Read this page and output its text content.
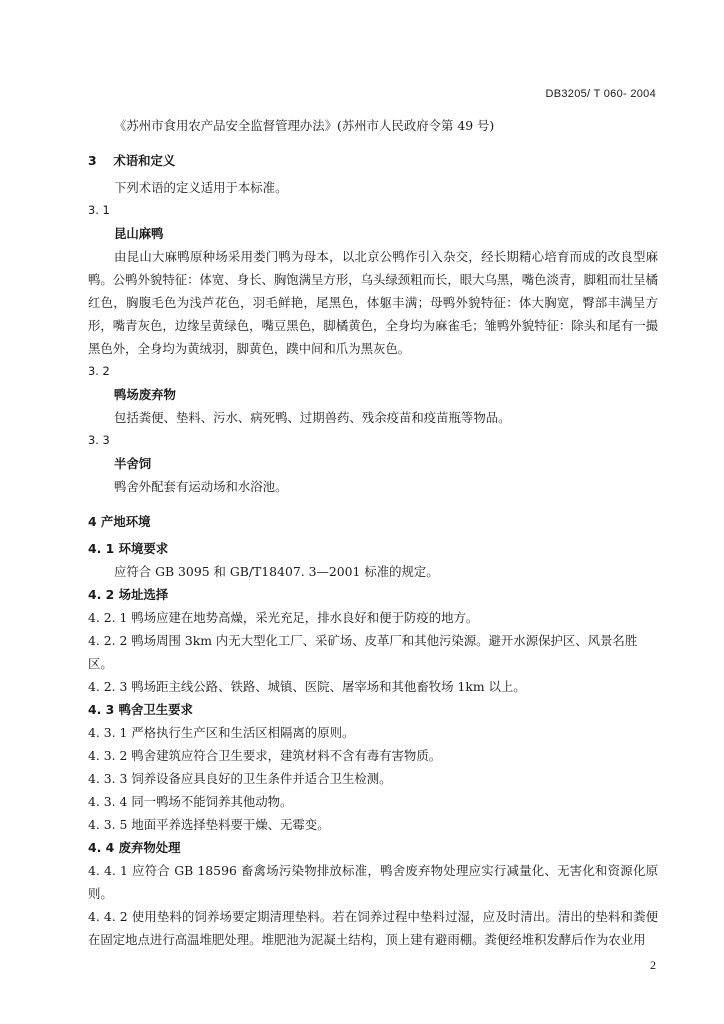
DB3205/ T 060- 2004

《苏州市食用农产品安全监督管理办法》(苏州市人民政府令第 49 号)

3　 术语和定义

下列术语的定义适用于本标准。

3. 1

昆山麻鸭

由昆山大麻鸭原种场采用娄门鸭为母本，以北京公鸭作引入杂交，经长期精心培育而成的改良型麻鸭。公鸭外貌特征：体宽、身长、胸饱满呈方形，乌头绿颈粗而长，眼大乌黑，嘴色淡青，脚粗而壮呈橘红色，胸腹毛色为浅芦花色，羽毛鲜艳，尾黑色，体躯丰满；母鸭外貌特征：体大胸宽，臀部丰满呈方形，嘴青灰色，边缘呈黄绿色，嘴豆黑色，脚橘黄色，全身均为麻雀毛；雏鸭外貌特征：除头和尾有一撮黑色外，全身均为黄绒羽，脚黄色，蹼中间和爪为黑灰色。

3. 2

鸭场废弃物

包括粪便、垫料、污水、病死鸭、过期兽药、残余疫苗和疫苗瓶等物品。

3. 3

半舍饲

鸭舍外配套有运动场和水浴池。

4 产地环境

4. 1 环境要求

应符合 GB 3095 和 GB/T18407. 3—2001 标准的规定。

4. 2 场址选择

4. 2. 1 鸭场应建在地势高燥，采光充足，排水良好和便于防疫的地方。

4. 2. 2 鸭场周围 3km 内无大型化工厂、采矿场、皮革厂和其他污染源。避开水源保护区、风景名胜区。

4. 2. 3 鸭场距主线公路、铁路、城镇、医院、屠宰场和其他畜牧场 1km 以上。

4. 3 鸭舍卫生要求

4. 3. 1 严格执行生产区和生活区相隔离的原则。

4. 3. 2 鸭舍建筑应符合卫生要求，建筑材料不含有毒有害物质。

4. 3. 3 饲养设备应具良好的卫生条件并适合卫生检测。

4. 3. 4 同一鸭场不能饲养其他动物。

4. 3. 5 地面平养选择垫料要干燥、无霉变。

4. 4 废弃物处理

4. 4. 1 应符合 GB 18596 畜禽场污染物排放标准，鸭舍废弃物处理应实行减量化、无害化和资源化原则。

4. 4. 2 使用垫料的饲养场要定期清理垫料。若在饲养过程中垫料过湿，应及时清出。清出的垫料和粪便在固定地点进行高温堆肥处理。堆肥池为泥凝土结构，顶上建有避雨棚。粪便经堆积发酵后作为农业用

2
